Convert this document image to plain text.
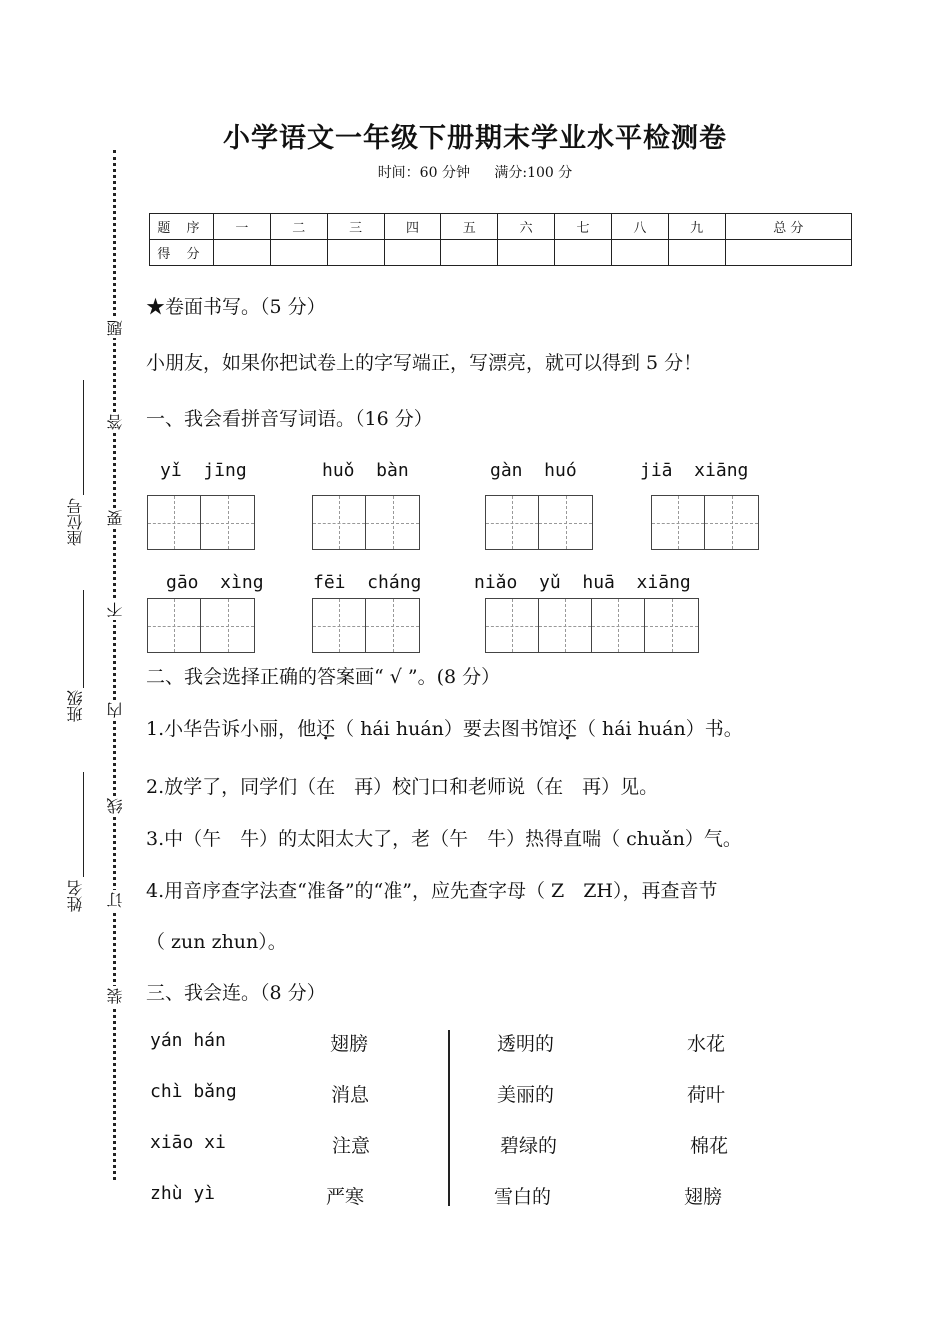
题
答
要
不
内
线
订
装
座位号
班级
姓名
小学语文一年级下册期末学业水平检测卷
时间：60 分钟 满分:100 分
题 序	一	二	三	四	五	六	七	八	九	总 分
得 分										
★卷面书写。（5 分）
小朋友，如果你把试卷上的字写端正，写漂亮，就可以得到 5 分！
一、我会看拼音写词语。（16 分）
yǐ  jīng	huǒ  bàn	gàn  huó	jiā  xiāng
gāo  xìng	fēi  cháng	niǎo  yǔ  huā  xiāng
二、我会选择正确的答案画“ √ ”。(8 分）
1.小华告诉小丽，他还（ hái huán）要去图书馆还（ hái huán）书。
2.放学了，同学们（在　再）校门口和老师说（在　再）见。
3.中（午　牛）的太阳太大了，老（午　牛）热得直喘（ chuǎn）气。
4.用音序查字法查“准备”的“准”，应先查字母（ Z　ZH），再查音节
（ zun zhun）。
三、我会连。（8 分）
yán hán	翅膀
chì bǎng	消息
xiāo xi	注意
zhù yì	严寒
透明的	水花
美丽的	荷叶
碧绿的	棉花
雪白的	翅膀
